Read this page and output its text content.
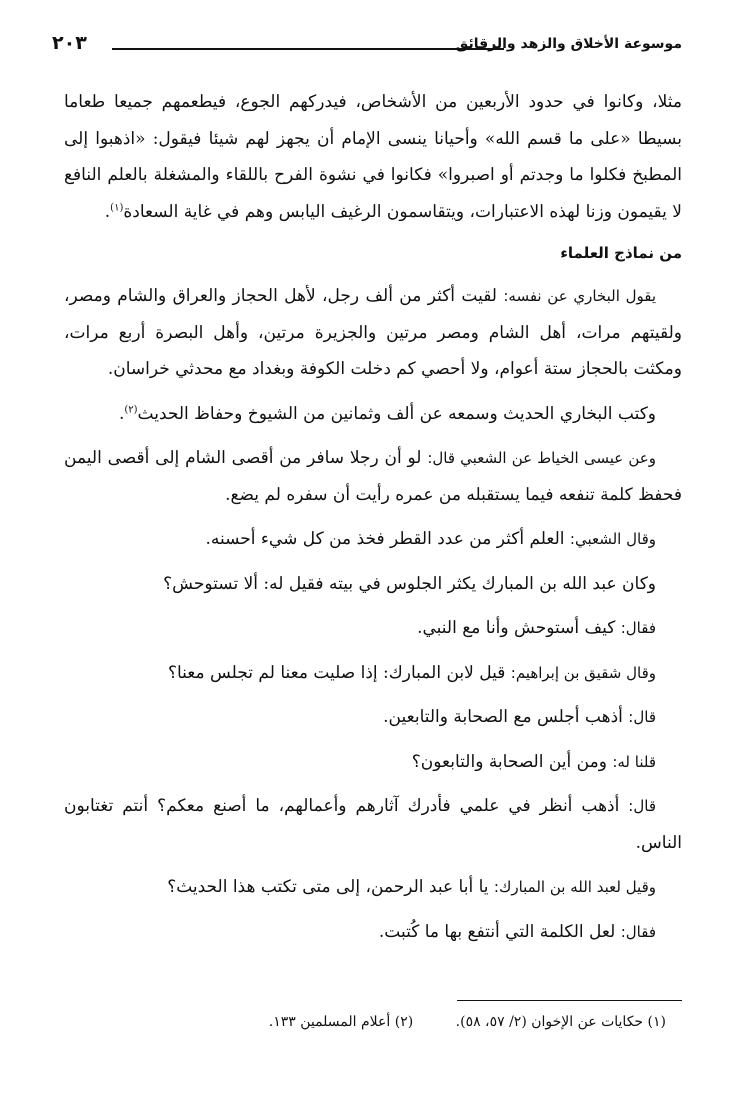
موسوعة الأخلاق والزهد والرقائق
٢٠٣

مثلا، وكانوا في حدود الأربعين من الأشخاص، فيدركهم الجوع، فيطعمهم جميعا طعاما بسيطا «على ما قسم الله» وأحيانا ينسى الإمام أن يجهز لهم شيئا فيقول: «اذهبوا إلى المطبخ فكلوا ما وجدتم أو اصبروا» فكانوا في نشوة الفرح باللقاء والمشغلة بالعلم النافع لا يقيمون وزنا لهذه الاعتبارات، ويتقاسمون الرغيف اليابس وهم في غاية السعادة$^{(١)}$.

من نماذج العلماء

يقول البخاري عن نفسه: لقيت أكثر من ألف رجل، لأهل الحجاز والعراق والشام ومصر، ولقيتهم مرات، أهل الشام ومصر مرتين والجزيرة مرتين، وأهل البصرة أربع مرات، ومكثت بالحجاز ستة أعوام، ولا أحصي كم دخلت الكوفة وبغداد مع محدثي خراسان.

وكتب البخاري الحديث وسمعه عن ألف وثمانين من الشيوخ وحفاظ الحديث$^{(٢)}$.

وعن عيسى الخياط عن الشعبي قال: لو أن رجلا سافر من أقصى الشام إلى أقصى اليمن فحفظ كلمة تنفعه فيما يستقبله من عمره رأيت أن سفره لم يضع.

وقال الشعبي: العلم أكثر من عدد القطر فخذ من كل شيء أحسنه.

وكان عبد الله بن المبارك يكثر الجلوس في بيته فقيل له: ألا تستوحش؟

فقال: كيف أستوحش وأنا مع النبي.

وقال شقيق بن إبراهيم: قيل لابن المبارك: إذا صليت معنا لم تجلس معنا؟

قال: أذهب أجلس مع الصحابة والتابعين.

قلنا له: ومن أين الصحابة والتابعون؟

قال: أذهب أنظر في علمي فأدرك آثارهم وأعمالهم، ما أصنع معكم؟ أنتم تغتابون الناس.

وقيل لعبد الله بن المبارك: يا أبا عبد الرحمن، إلى متى تكتب هذا الحديث؟

فقال: لعل الكلمة التي أنتفع بها ما كُتبت.

(١) حكايات عن الإخوان (٢/ ٥٧، ٥٨). (٢) أعلام المسلمين ١٣٣.
